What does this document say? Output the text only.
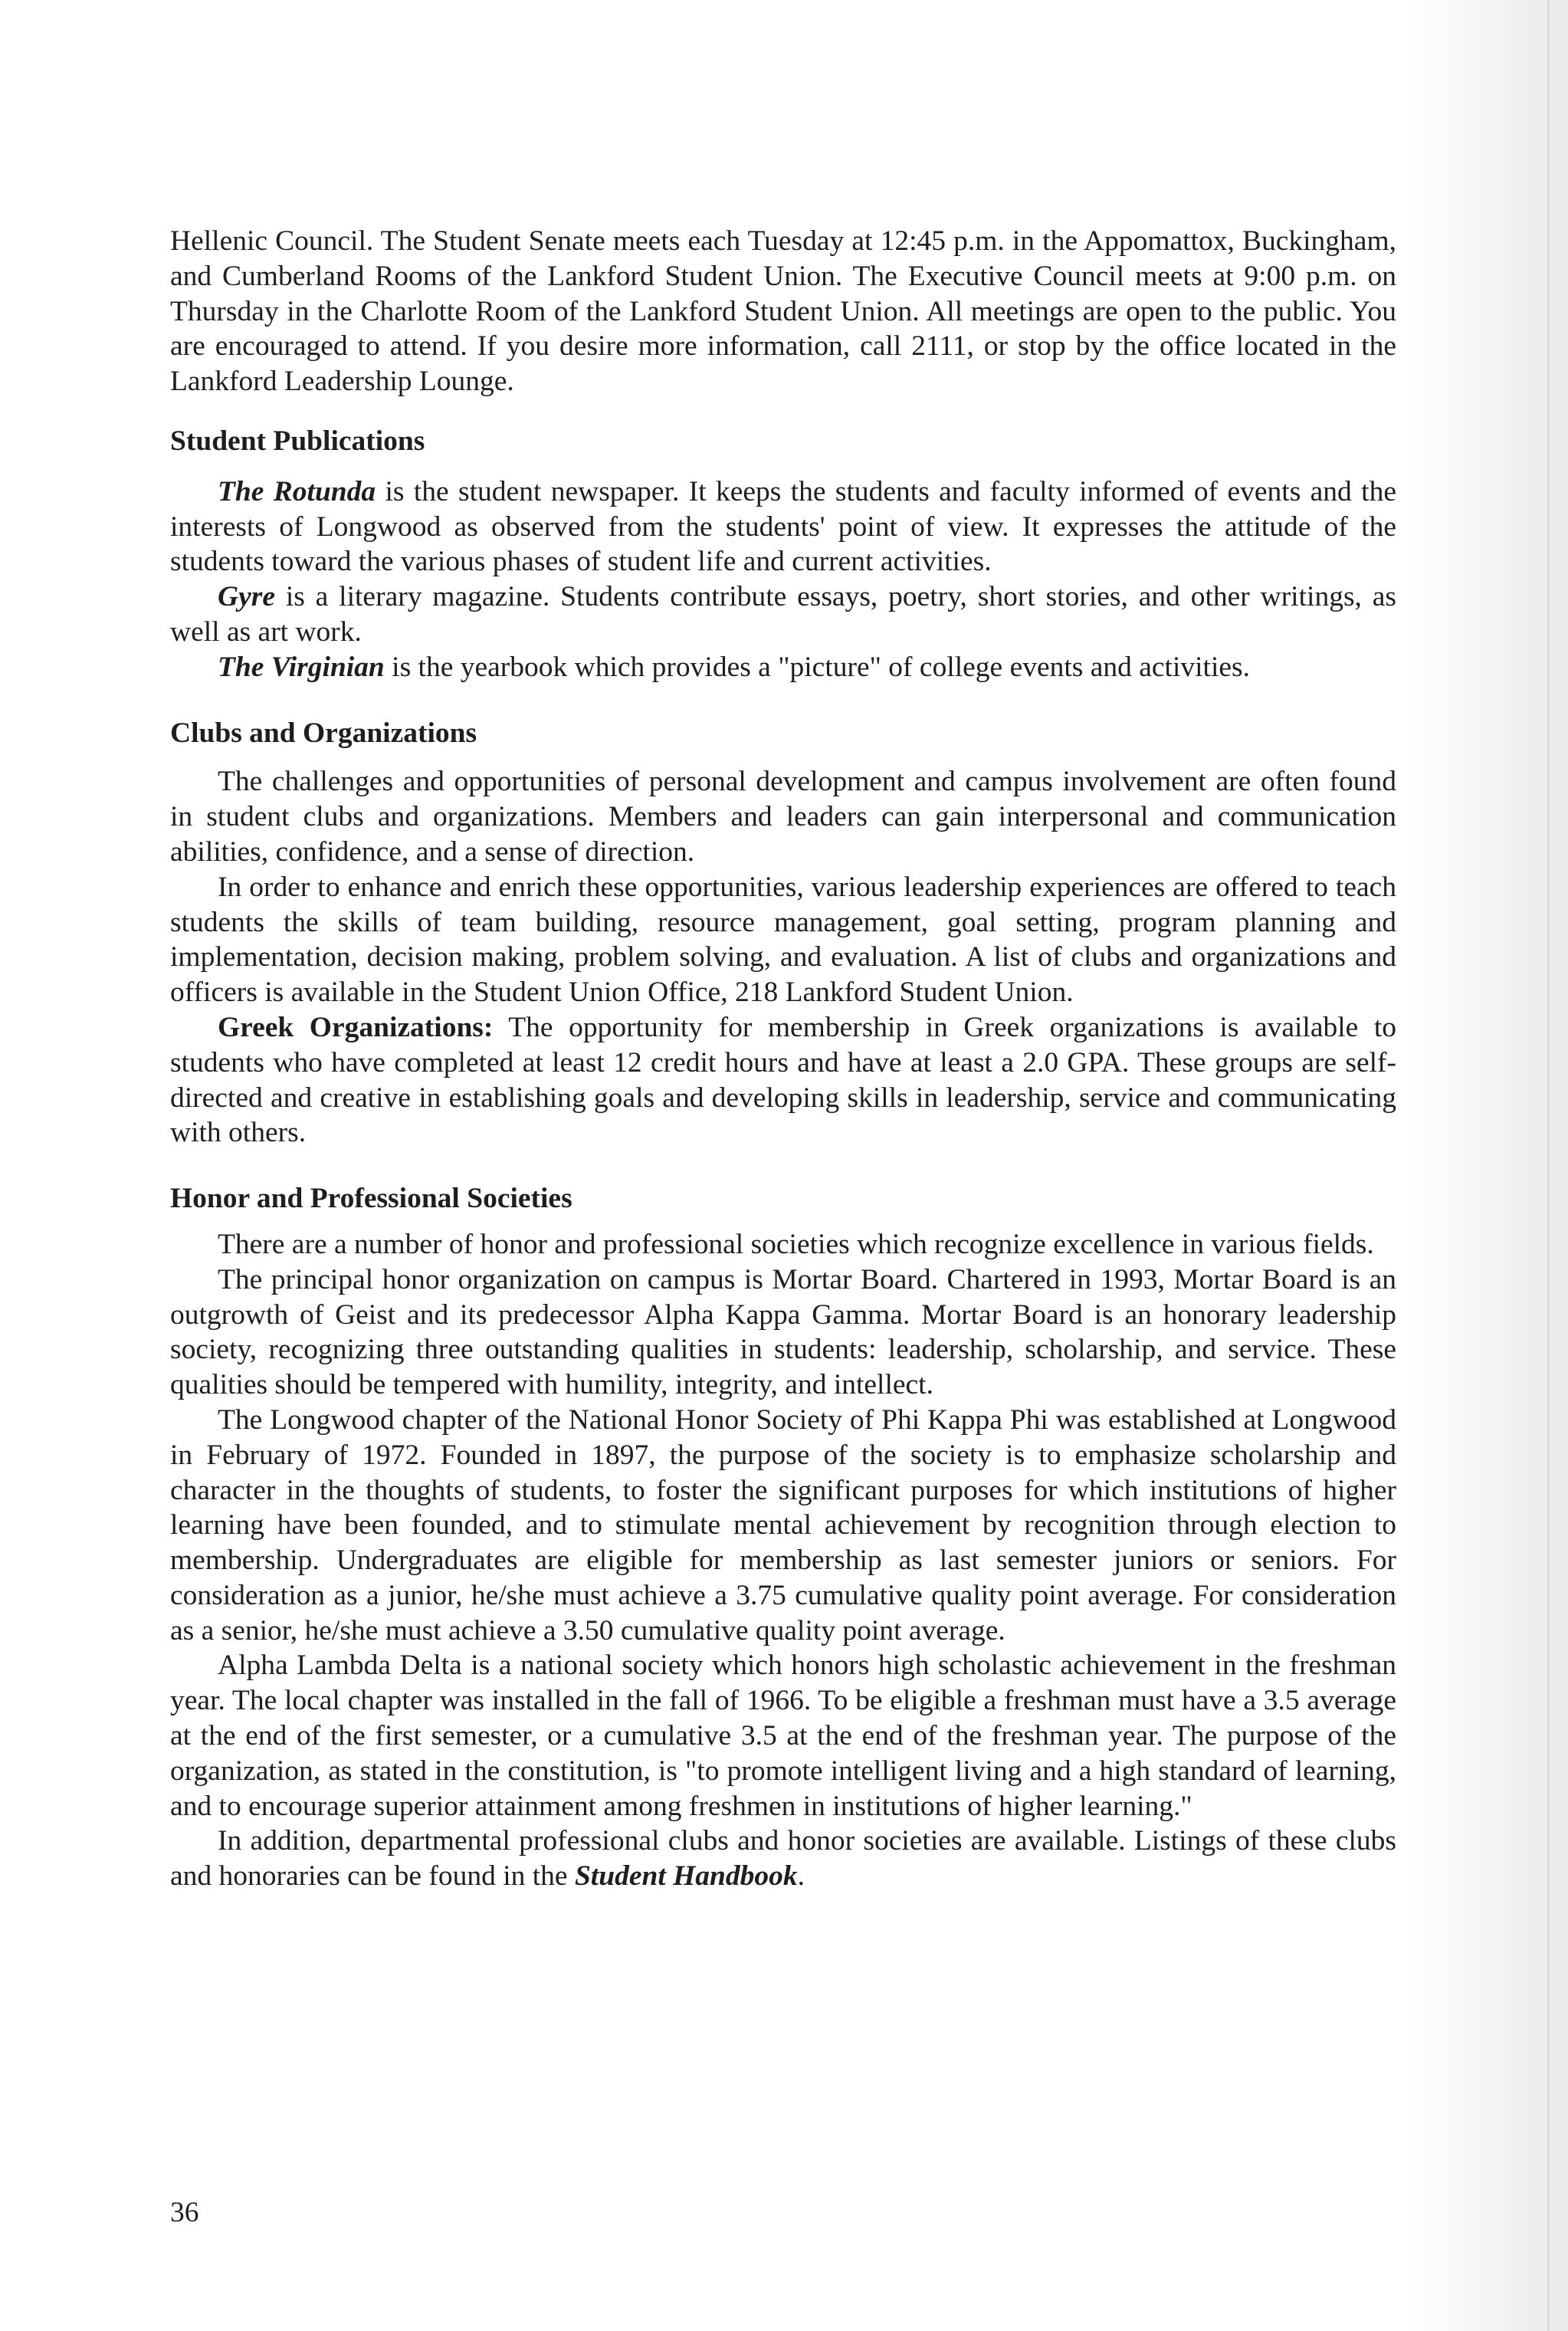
Hellenic Council. The Student Senate meets each Tuesday at 12:45 p.m. in the Appomattox, Buckingham, and Cumberland Rooms of the Lankford Student Union. The Executive Council meets at 9:00 p.m. on Thursday in the Charlotte Room of the Lankford Student Union. All meetings are open to the public. You are encouraged to attend. If you desire more information, call 2111, or stop by the office located in the Lankford Leadership Lounge.

Student Publications

The Rotunda is the student newspaper. It keeps the students and faculty informed of events and the interests of Longwood as observed from the students' point of view. It expresses the attitude of the students toward the various phases of student life and current activities.

Gyre is a literary magazine. Students contribute essays, poetry, short stories, and other writings, as well as art work.

The Virginian is the yearbook which provides a "picture" of college events and activities.

Clubs and Organizations

The challenges and opportunities of personal development and campus involvement are often found in student clubs and organizations. Members and leaders can gain interpersonal and communication abilities, confidence, and a sense of direction.

In order to enhance and enrich these opportunities, various leadership experiences are offered to teach students the skills of team building, resource management, goal setting, program planning and implementation, decision making, problem solving, and evaluation. A list of clubs and organizations and officers is available in the Student Union Office, 218 Lankford Student Union.

Greek Organizations: The opportunity for membership in Greek organizations is available to students who have completed at least 12 credit hours and have at least a 2.0 GPA. These groups are self-directed and creative in establishing goals and developing skills in leadership, service and communicating with others.

Honor and Professional Societies

There are a number of honor and professional societies which recognize excellence in various fields.

The principal honor organization on campus is Mortar Board. Chartered in 1993, Mortar Board is an outgrowth of Geist and its predecessor Alpha Kappa Gamma. Mortar Board is an honorary leadership society, recognizing three outstanding qualities in students: leadership, scholarship, and service. These qualities should be tempered with humility, integrity, and intellect.

The Longwood chapter of the National Honor Society of Phi Kappa Phi was established at Longwood in February of 1972. Founded in 1897, the purpose of the society is to emphasize scholarship and character in the thoughts of students, to foster the significant purposes for which institutions of higher learning have been founded, and to stimulate mental achievement by recognition through election to membership. Undergraduates are eligible for membership as last semester juniors or seniors. For consideration as a junior, he/she must achieve a 3.75 cumulative quality point average. For consideration as a senior, he/she must achieve a 3.50 cumulative quality point average.

Alpha Lambda Delta is a national society which honors high scholastic achievement in the freshman year. The local chapter was installed in the fall of 1966. To be eligible a freshman must have a 3.5 average at the end of the first semester, or a cumulative 3.5 at the end of the freshman year. The purpose of the organization, as stated in the constitution, is "to promote intelligent living and a high standard of learning, and to encourage superior attainment among freshmen in institutions of higher learning."

In addition, departmental professional clubs and honor societies are available. Listings of these clubs and honoraries can be found in the Student Handbook.

36
